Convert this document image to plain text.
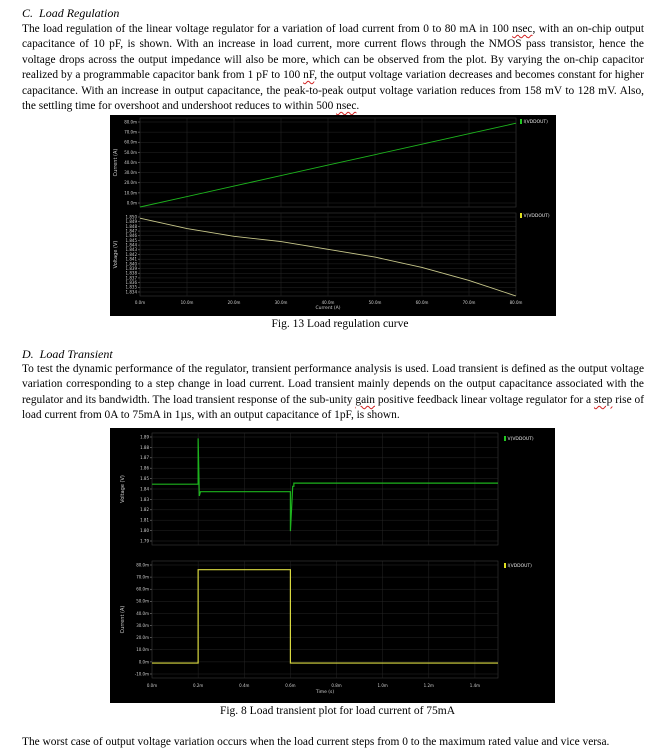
C. Load Regulation

The load regulation of the linear voltage regulator for a variation of load current from 0 to 80 mA in 100 nsec, with an on-chip output capacitance of 10 pF, is shown. With an increase in load current, more current flows through the NMOS pass transistor, hence the voltage drops across the output impedance will also be more, which can be observed from the plot. By varying the on-chip capacitor realized by a programmable capacitor bank from 1 pF to 100 nF, the output voltage variation decreases and becomes constant for higher capacitance. With an increase in output capacitance, the peak-to-peak output voltage variation reduces from 158 mV to 128 mV. Also, the settling time for overshoot and undershoot reduces to within 500 nsec.

80.0m
70.0m
60.0m
50.0m
40.0m
30.0m
20.0m
10.0m
0.0m
Current (A)
I(VDDOUT)
1.850
1.849
1.848
1.847
1.846
1.845
1.844
1.843
1.842
1.841
1.840
1.839
1.838
1.837
1.836
1.835
1.834
Voltage (V)
V(VDDOUT)
0.0m	10.0m	20.0m	30.0m	40.0m	50.0m	60.0m	70.0m	80.0m
Current (A)
Fig. 13 Load regulation curve
D. Load Transient

To test the dynamic performance of the regulator, transient performance analysis is used. Load transient is defined as the output voltage variation corresponding to a step change in load current. Load transient mainly depends on the output capacitance associated with the regulator and its bandwidth. The load transient response of the sub-unity gain positive feedback linear voltage regulator for a step rise of load current from 0A to 75mA in 1µs, with an output capacitance of 1pF, is shown.

1.89
1.88
1.87
1.86
1.85
1.84
1.83
1.82
1.81
1.80
1.79
Voltage (V)
V(VDDOUT)
80.0m
70.0m
60.0m
50.0m
40.0m
30.0m
20.0m
10.0m
0.0m
-10.0m
Current (A)
I(VDDOUT)
0.0m	0.2m	0.4m	0.6m	0.8m	1.0m	1.2m	1.4m
Time (s)
Fig. 8 Load transient plot for load current of 75mA
The worst case of output voltage variation occurs when the load current steps from 0 to the maximum rated value and vice versa.
